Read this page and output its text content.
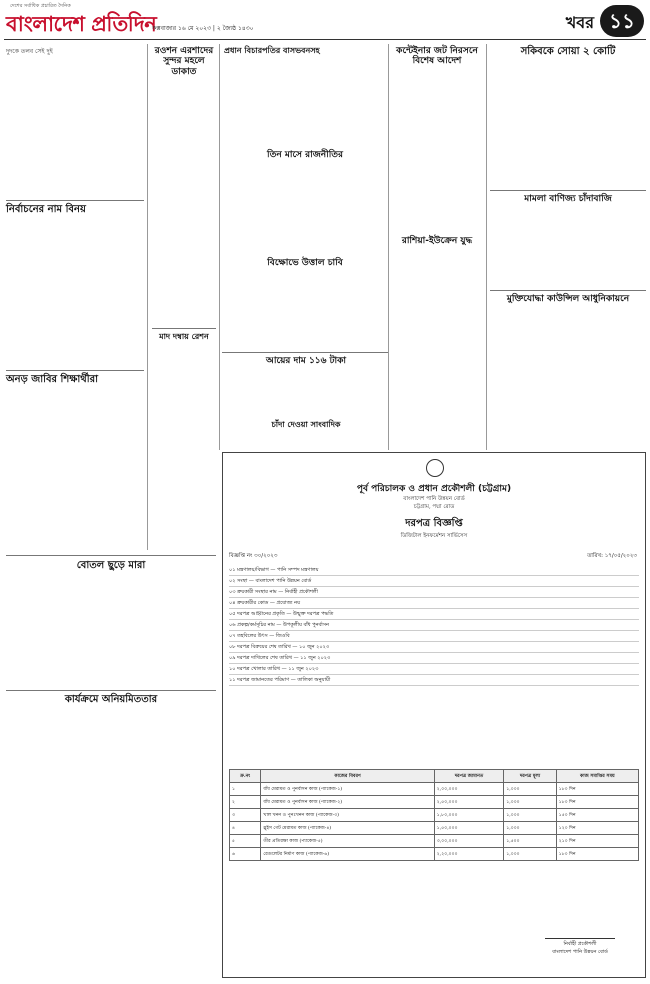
দেশের সর্বাধিক প্রচারিত দৈনিক
বাংলাদেশ প্রতিদিন
কক্সবাজার ১৬ মে ২০২৩ | ২ জ্যৈষ্ঠ ১৪৩০	খবর ১১
দুদকে তলব সেই দুই

নির্বাচনের নাম বিনয়
অনড় জাবির শিক্ষার্থীরা
বোতল ছুড়ে মারা
কার্যক্রমে অনিয়মিততার
রওশন এরশাদের সুন্দর মহলে ডাকাত
মাদ দম্বায় রেশন
প্রধান বিচারপতির বাসভবনসহ
তিন মাসে রাজনীতির
বিক্ষোভে উত্তাল চাবি
কন্টেইনার জট নিরসনে বিশেষ আদেশ
রাশিয়া-ইউক্রেন যুদ্ধ
সকিবকে সোয়া ২ কোটি
মামলা বাণিজ্য চাঁদাবাজি
মুক্তিযোদ্ধা কাউন্সিল আধুনিকায়নে
আয়ের দাম ১১৬ টাকা
চাঁদা দেওয়া সাংবাদিক
পূর্ব পরিচালক ও প্রধান প্রকৌশলী (চট্টগ্রাম)
বাংলাদেশ পানি উন্নয়ন বোর্ড
চট্টগ্রাম, পদ্মা রোড
দরপত্র বিজ্ঞপ্তি
ডিজিটাল ইনফর্মেশন সার্ভিসেস
বিজ্ঞপ্তি নং ৩০/২০২৩	তারিখ: ১৭/০৫/২০২৩
০১ মন্ত্রণালয়/বিভাগ — পানি সম্পদ মন্ত্রণালয়
০২ সংস্থা — বাংলাদেশ পানি উন্নয়ন বোর্ড
০৩ ক্রয়কারী সংস্থার নাম — নির্বাহী প্রকৌশলী
০৪ ক্রয়কারীর কোড — প্রযোজ্য নয়
০৫ দরপত্র আহ্বানের প্রকৃতি — উন্মুক্ত দরপত্র পদ্ধতি
০৬ প্রকল্প/কর্মসূচির নাম — উপকূলীয় বাঁধ পুনর্বাসন
০৭ তহবিলের উৎস — জিওবি
০৮ দরপত্র বিক্রয়ের শেষ তারিখ — ১০ জুন ২০২৩
০৯ দরপত্র দাখিলের শেষ তারিখ — ১১ জুন ২০২৩
১০ দরপত্র খোলার তারিখ — ১১ জুন ২০২৩
১১ দরপত্র জামানতের পরিমাণ — তালিকা অনুযায়ী
ক্র.নং	কাজের বিবরণ	দরপত্র জামানত	দরপত্র মূল্য	কাজ সমাপ্তির সময়
১	বাঁধ মেরামত ও পুনর্বাসন কাজ (প্যাকেজ-১)	২,০০,০০০	১,০০০	১৮০ দিন
২	বাঁধ মেরামত ও পুনর্বাসন কাজ (প্যাকেজ-২)	২,৫০,০০০	১,০০০	১৮০ দিন
৩	খাল খনন ও পুনঃখনন কাজ (প্যাকেজ-৩)	১,৮০,০০০	১,০০০	১৫০ দিন
৪	স্লুইস গেট মেরামত কাজ (প্যাকেজ-৪)	১,৫০,০০০	১,০০০	১২০ দিন
৫	তীর প্রতিরক্ষা কাজ (প্যাকেজ-৫)	৩,০০,০০০	১,৫০০	২১০ দিন
৬	রেগুলেটর নির্মাণ কাজ (প্যাকেজ-৬)	২,২০,০০০	১,০০০	১৮০ দিন
নির্বাহী প্রকৌশলী
বাংলাদেশ পানি উন্নয়ন বোর্ড
